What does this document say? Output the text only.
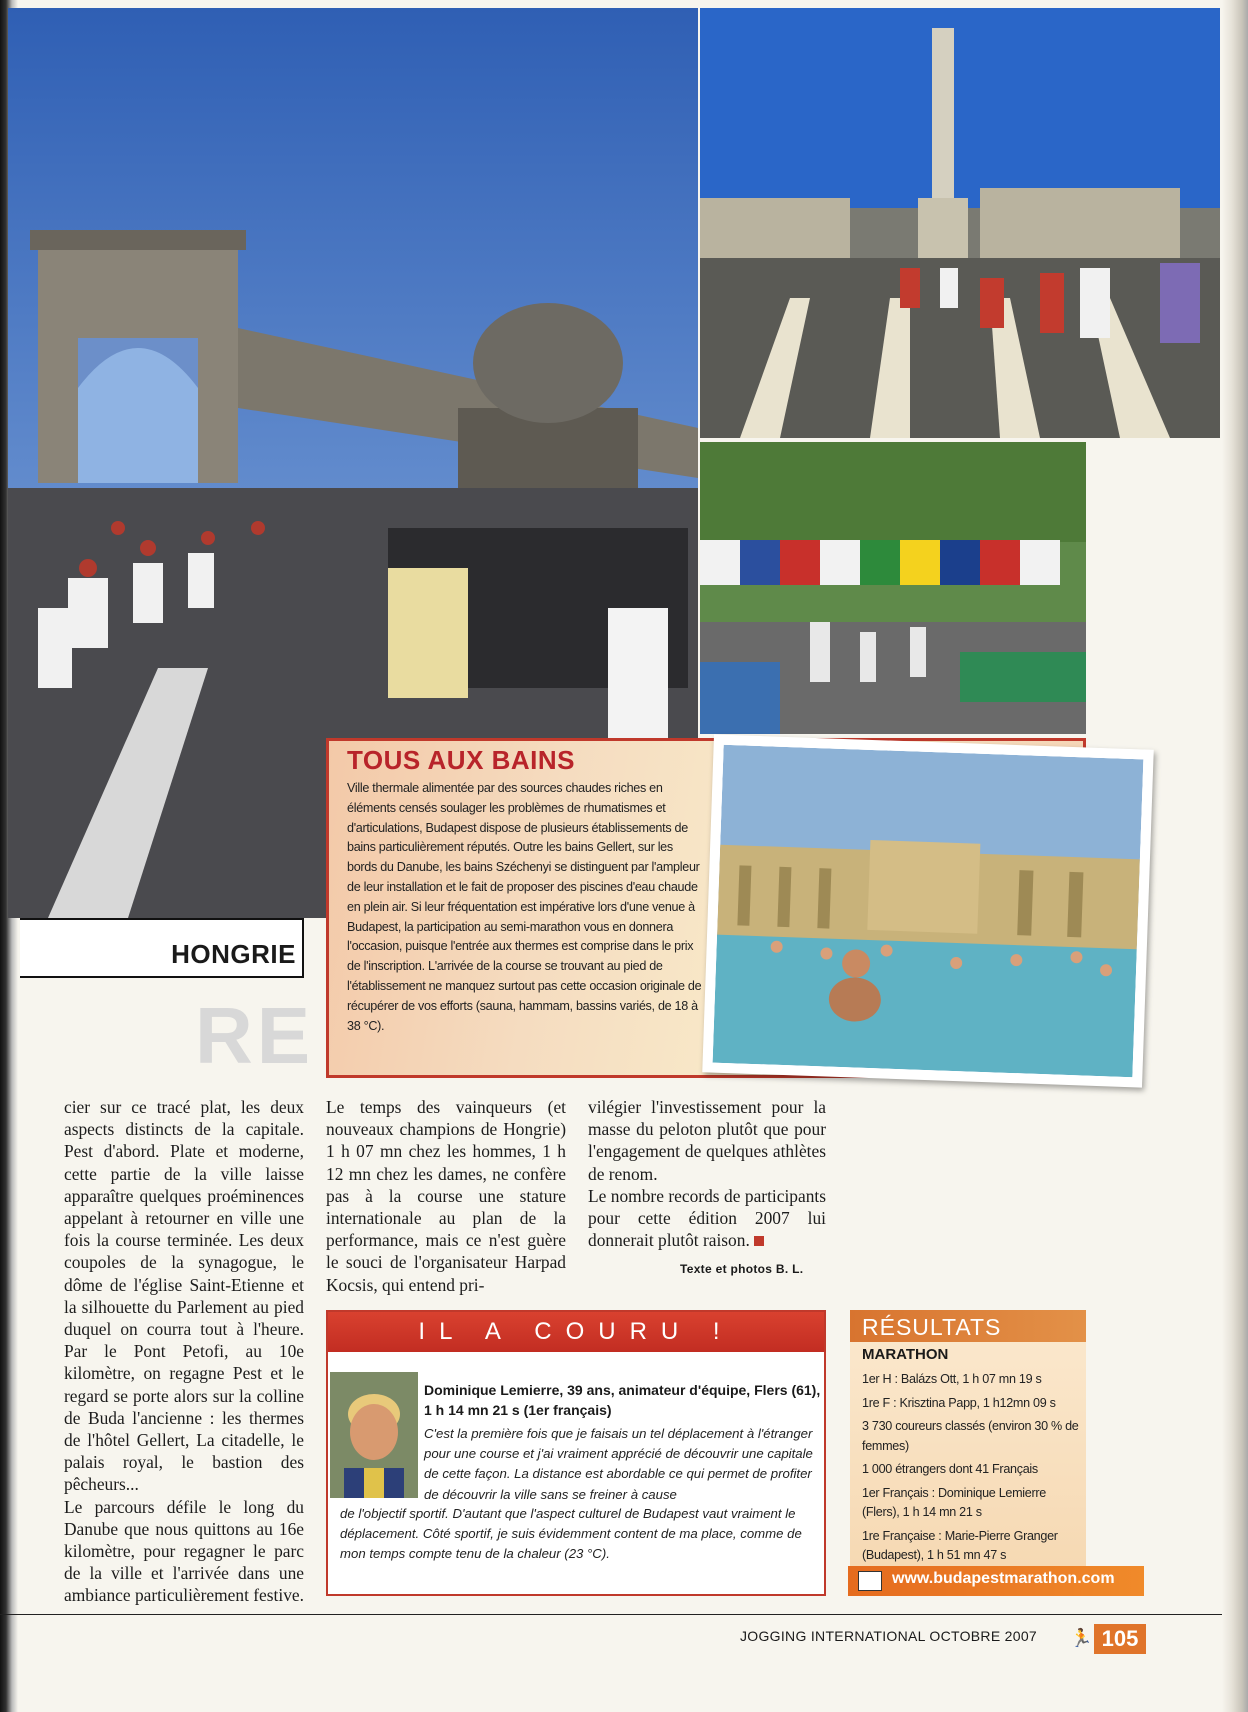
HONGRIE
RE
TOUS AUX BAINS

Ville thermale alimentée par des sources chaudes riches en éléments censés soulager les problèmes de rhumatismes et d'articulations, Budapest dispose de plusieurs établissements de bains particulièrement réputés. Outre les bains Gellert, sur les bords du Danube, les bains Széchenyi se distinguent par l'ampleur de leur installation et le fait de proposer des piscines d'eau chaude en plein air. Si leur fréquentation est impérative lors d'une venue à Budapest, la participation au semi-marathon vous en donnera l'occasion, puisque l'entrée aux thermes est comprise dans le prix de l'inscription. L'arrivée de la course se trouvant au pied de l'établissement ne manquez surtout pas cette occasion originale de récupérer de vos efforts (sauna, hammam, bassins variés, de 18 à 38 °C).

cier sur ce tracé plat, les deux aspects distincts de la capitale. Pest d'abord. Plate et moderne, cette partie de la ville laisse apparaître quelques proéminences appelant à retourner en ville une fois la course terminée. Les deux coupoles de la synagogue, le dôme de l'église Saint-Etienne et la silhouette du Parlement au pied duquel on courra tout à l'heure. Par le Pont Petofi, au 10e kilomètre, on regagne Pest et le regard se porte alors sur la colline de Buda l'ancienne : les thermes de l'hôtel Gellert, La citadelle, le palais royal, le bastion des pêcheurs...

Le parcours défile le long du Danube que nous quittons au 16e kilomètre, pour regagner le parc de la ville et l'arrivée dans une ambiance particulièrement festive.

Le temps des vainqueurs (et nouveaux champions de Hongrie) 1 h 07 mn chez les hommes, 1 h 12 mn chez les dames, ne confère pas à la course une stature internationale au plan de la performance, mais ce n'est guère le souci de l'organisateur Harpad Kocsis, qui entend pri-

vilégier l'investissement pour la masse du peloton plutôt que pour l'engagement de quelques athlètes de renom.

Le nombre records de participants pour cette édition 2007 lui donnerait plutôt raison.

Texte et photos B. L.
IL A COURU !
Dominique Lemierre, 39 ans, animateur d'équipe, Flers (61), 1 h 14 mn 21 s (1er français)
C'est la première fois que je faisais un tel déplacement à l'étranger pour une course et j'ai vraiment apprécié de découvrir une capitale de cette façon. La distance est abordable ce qui permet de profiter de découvrir la ville sans se freiner à cause
de l'objectif sportif. D'autant que l'aspect culturel de Budapest vaut vraiment le déplacement. Côté sportif, je suis évidemment content de ma place, comme de mon temps compte tenu de la chaleur (23 °C).
RÉSULTATS
MARATHON
1er H : Balázs Ott, 1 h 07 mn 19 s
1re F : Krisztina Papp, 1 h12mn 09 s
3 730 coureurs classés (environ 30 % de femmes)
1 000 étrangers dont 41 Français
1er Français : Dominique Lemierre (Flers), 1 h 14 mn 21 s
1re Française : Marie-Pierre Granger (Budapest), 1 h 51 mn 47 s
www.budapestmarathon.com
JOGGING INTERNATIONAL OCTOBRE 2007 🏃 105
